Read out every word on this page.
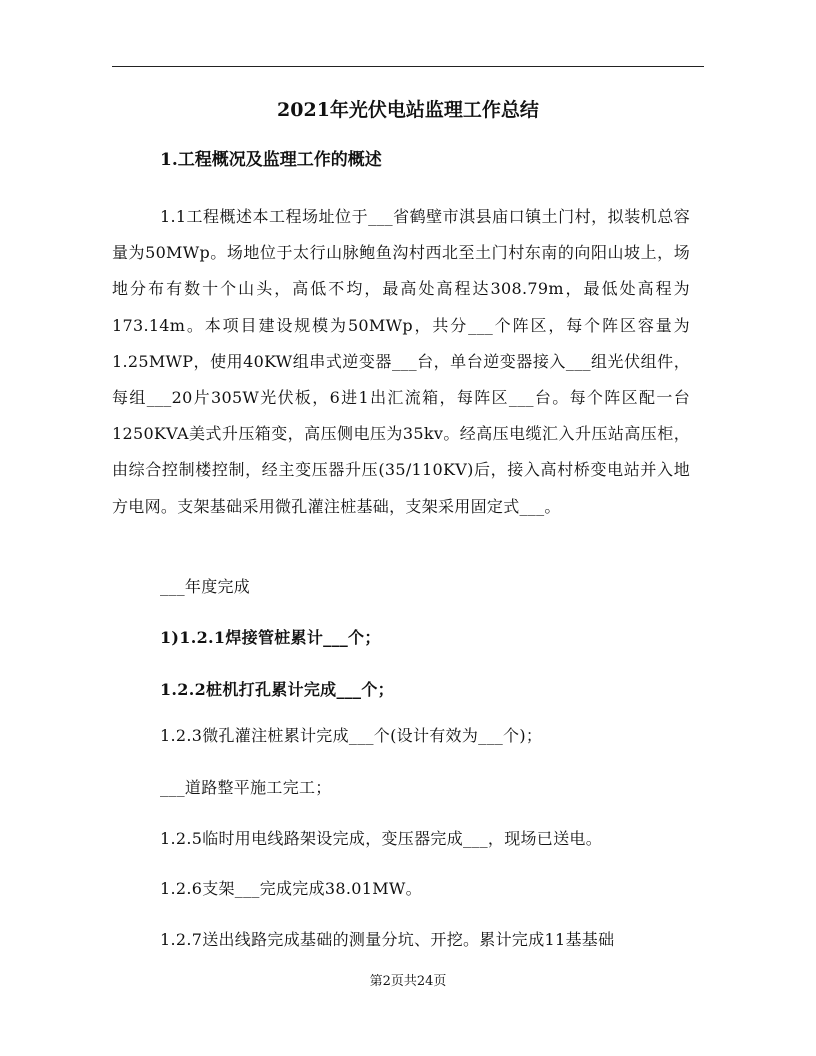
2021年光伏电站监理工作总结
1.工程概况及监理工作的概述
1.1工程概述本工程场址位于___省鹤壁市淇县庙口镇土门村，拟装机总容量为50MWp。场地位于太行山脉鲍鱼沟村西北至土门村东南的向阳山坡上，场地分布有数十个山头，高低不均，最高处高程达308.79m，最低处高程为173.14m。本项目建设规模为50MWp，共分___个阵区，每个阵区容量为1.25MWP，使用40KW组串式逆变器___台，单台逆变器接入___组光伏组件，每组___20片305W光伏板，6进1出汇流箱，每阵区___台。每个阵区配一台1250KVA美式升压箱变，高压侧电压为35kv。经高压电缆汇入升压站高压柜，由综合控制楼控制，经主变压器升压(35/110KV)后，接入高村桥变电站并入地方电网。支架基础采用微孔灌注桩基础，支架采用固定式___。
___年度完成
1)1.2.1焊接管桩累计___个；
1.2.2桩机打孔累计完成___个；
1.2.3微孔灌注桩累计完成___个(设计有效为___个)；
___道路整平施工完工；
1.2.5临时用电线路架设完成，变压器完成___，现场已送电。
1.2.6支架___完成完成38.01MW。
1.2.7送出线路完成基础的测量分坑、开挖。累计完成11基基础
第2页共24页
